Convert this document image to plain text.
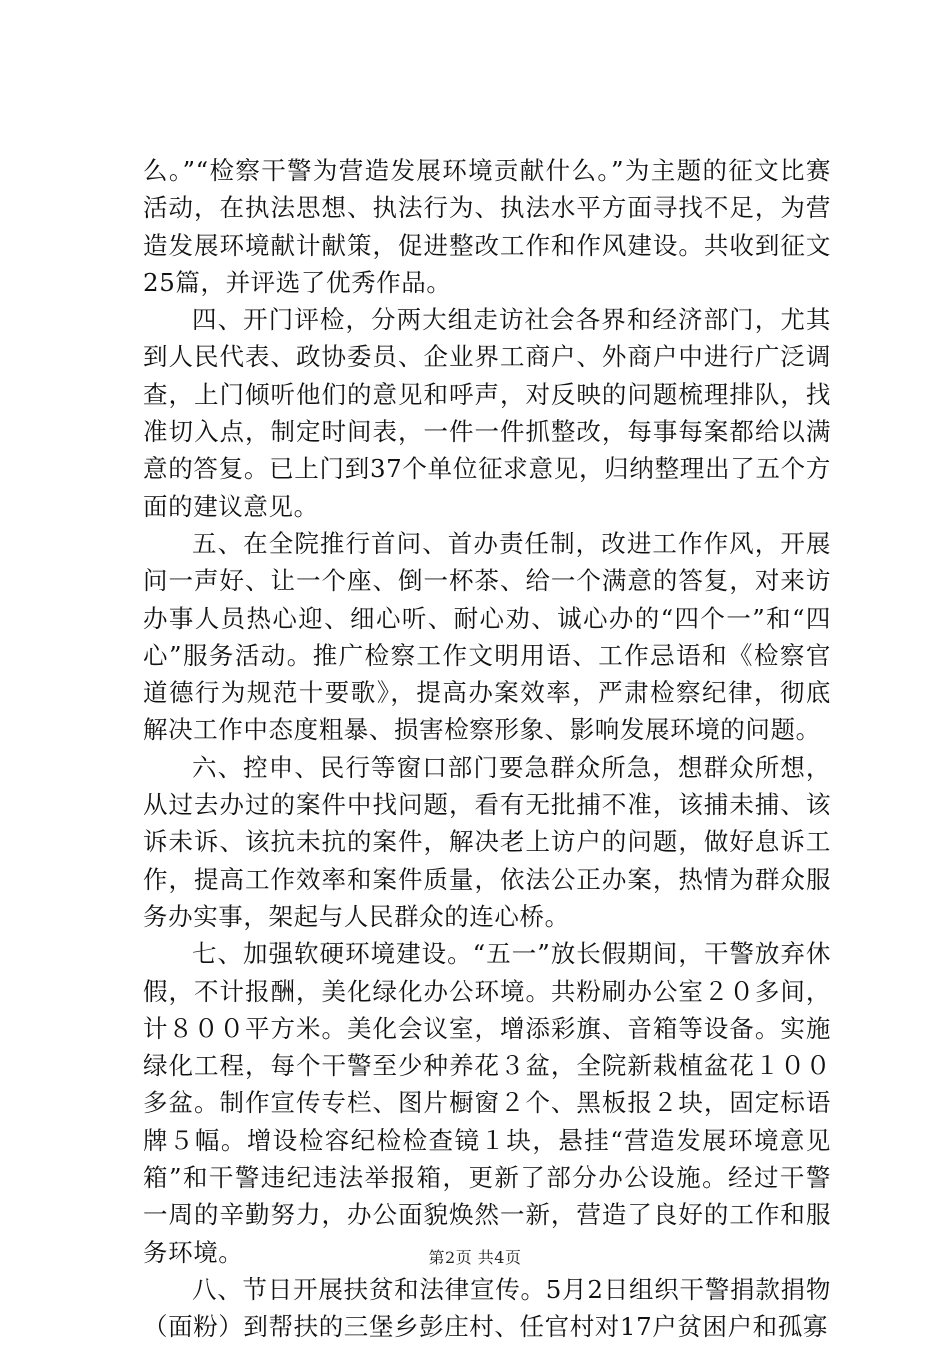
么。”“检察干警为营造发展环境贡献什么。”为主题的征文比赛活动，在执法思想、执法行为、执法水平方面寻找不足，为营造发展环境献计献策，促进整改工作和作风建设。共收到征文25篇，并评选了优秀作品。

四、开门评检，分两大组走访社会各界和经济部门，尤其到人民代表、政协委员、企业界工商户、外商户中进行广泛调查，上门倾听他们的意见和呼声，对反映的问题梳理排队，找准切入点，制定时间表，一件一件抓整改，每事每案都给以满意的答复。已上门到37个单位征求意见，归纳整理出了五个方面的建议意见。

五、在全院推行首问、首办责任制，改进工作作风，开展问一声好、让一个座、倒一杯茶、给一个满意的答复，对来访办事人员热心迎、细心听、耐心劝、诚心办的“四个一”和“四心”服务活动。推广检察工作文明用语、工作忌语和《检察官道德行为规范十要歌》，提高办案效率，严肃检察纪律，彻底解决工作中态度粗暴、损害检察形象、影响发展环境的问题。

六、控申、民行等窗口部门要急群众所急，想群众所想，从过去办过的案件中找问题，看有无批捕不准，该捕未捕、该诉未诉、该抗未抗的案件，解决老上访户的问题，做好息诉工作，提高工作效率和案件质量，依法公正办案，热情为群众服务办实事，架起与人民群众的连心桥。

七、加强软硬环境建设。“五一”放长假期间，干警放弃休假，不计报酬，美化绿化办公环境。共粉刷办公室２０多间，计８００平方米。美化会议室，增添彩旗、音箱等设备。实施绿化工程，每个干警至少种养花３盆，全院新栽植盆花１００多盆。制作宣传专栏、图片橱窗２个、黑板报２块，固定标语牌５幅。增设检容纪检检查镜１块，悬挂“营造发展环境意见箱”和干警违纪违法举报箱，更新了部分办公设施。经过干警一周的辛勤努力，办公面貌焕然一新，营造了良好的工作和服务环境。

八、节日开展扶贫和法律宣传。5月2日组织干警捐款捐物（面粉）到帮扶的三堡乡彭庄村、任官村对17户贫困户和孤寡

第2页 共4页
